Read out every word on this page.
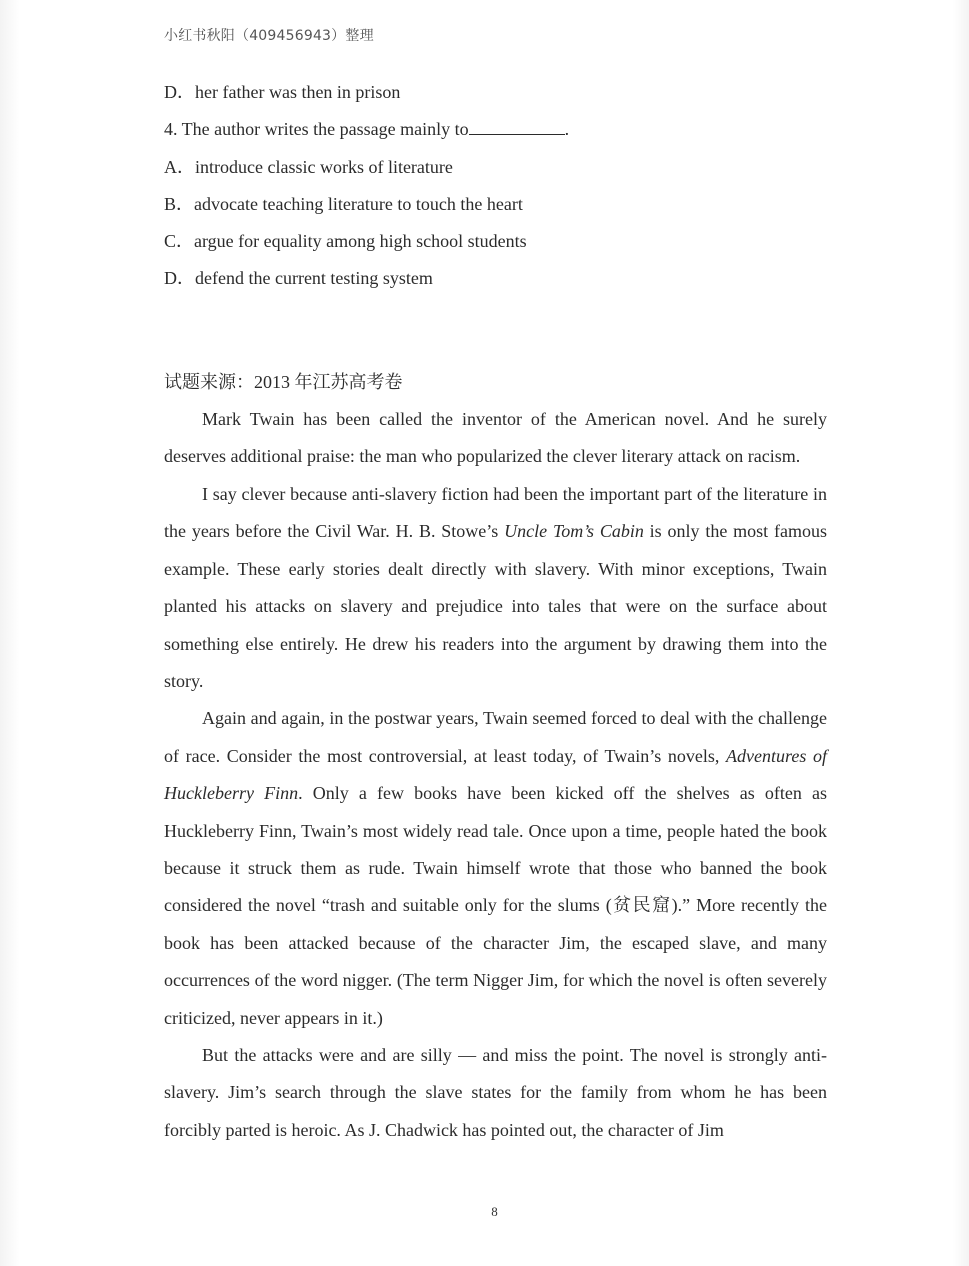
小红书秋阳（409456943）整理
D．her father was then in prison
4. The author writes the passage mainly to	.
A．introduce classic works of literature
B．advocate teaching literature to touch the heart
C．argue for equality among high school students
D．defend the current testing system
试题来源：2013 年江苏高考卷

Mark Twain has been called the inventor of the American novel. And he surely deserves additional praise: the man who popularized the clever literary attack on racism.

I say clever because anti-slavery fiction had been the important part of the literature in the years before the Civil War. H. B. Stowe’s Uncle Tom’s Cabin is only the most famous example. These early stories dealt directly with slavery. With minor exceptions, Twain planted his attacks on slavery and prejudice into tales that were on the surface about something else entirely. He drew his readers into the argument by drawing them into the story.

Again and again, in the postwar years, Twain seemed forced to deal with the challenge of race. Consider the most controversial, at least today, of Twain’s novels, Adventures of Huckleberry Finn. Only a few books have been kicked off the shelves as often as Huckleberry Finn, Twain’s most widely read tale. Once upon a time, people hated the book because it struck them as rude. Twain himself wrote that those who banned the book considered the novel “trash and suitable only for the slums (贫民窟).” More recently the book has been attacked because of the character Jim, the escaped slave, and many occurrences of the word nigger. (The term Nigger Jim, for which the novel is often severely criticized, never appears in it.)

But the attacks were and are silly — and miss the point. The novel is strongly anti-slavery. Jim’s search through the slave states for the family from whom he has been forcibly parted is heroic. As J. Chadwick has pointed out, the character of Jim

8
